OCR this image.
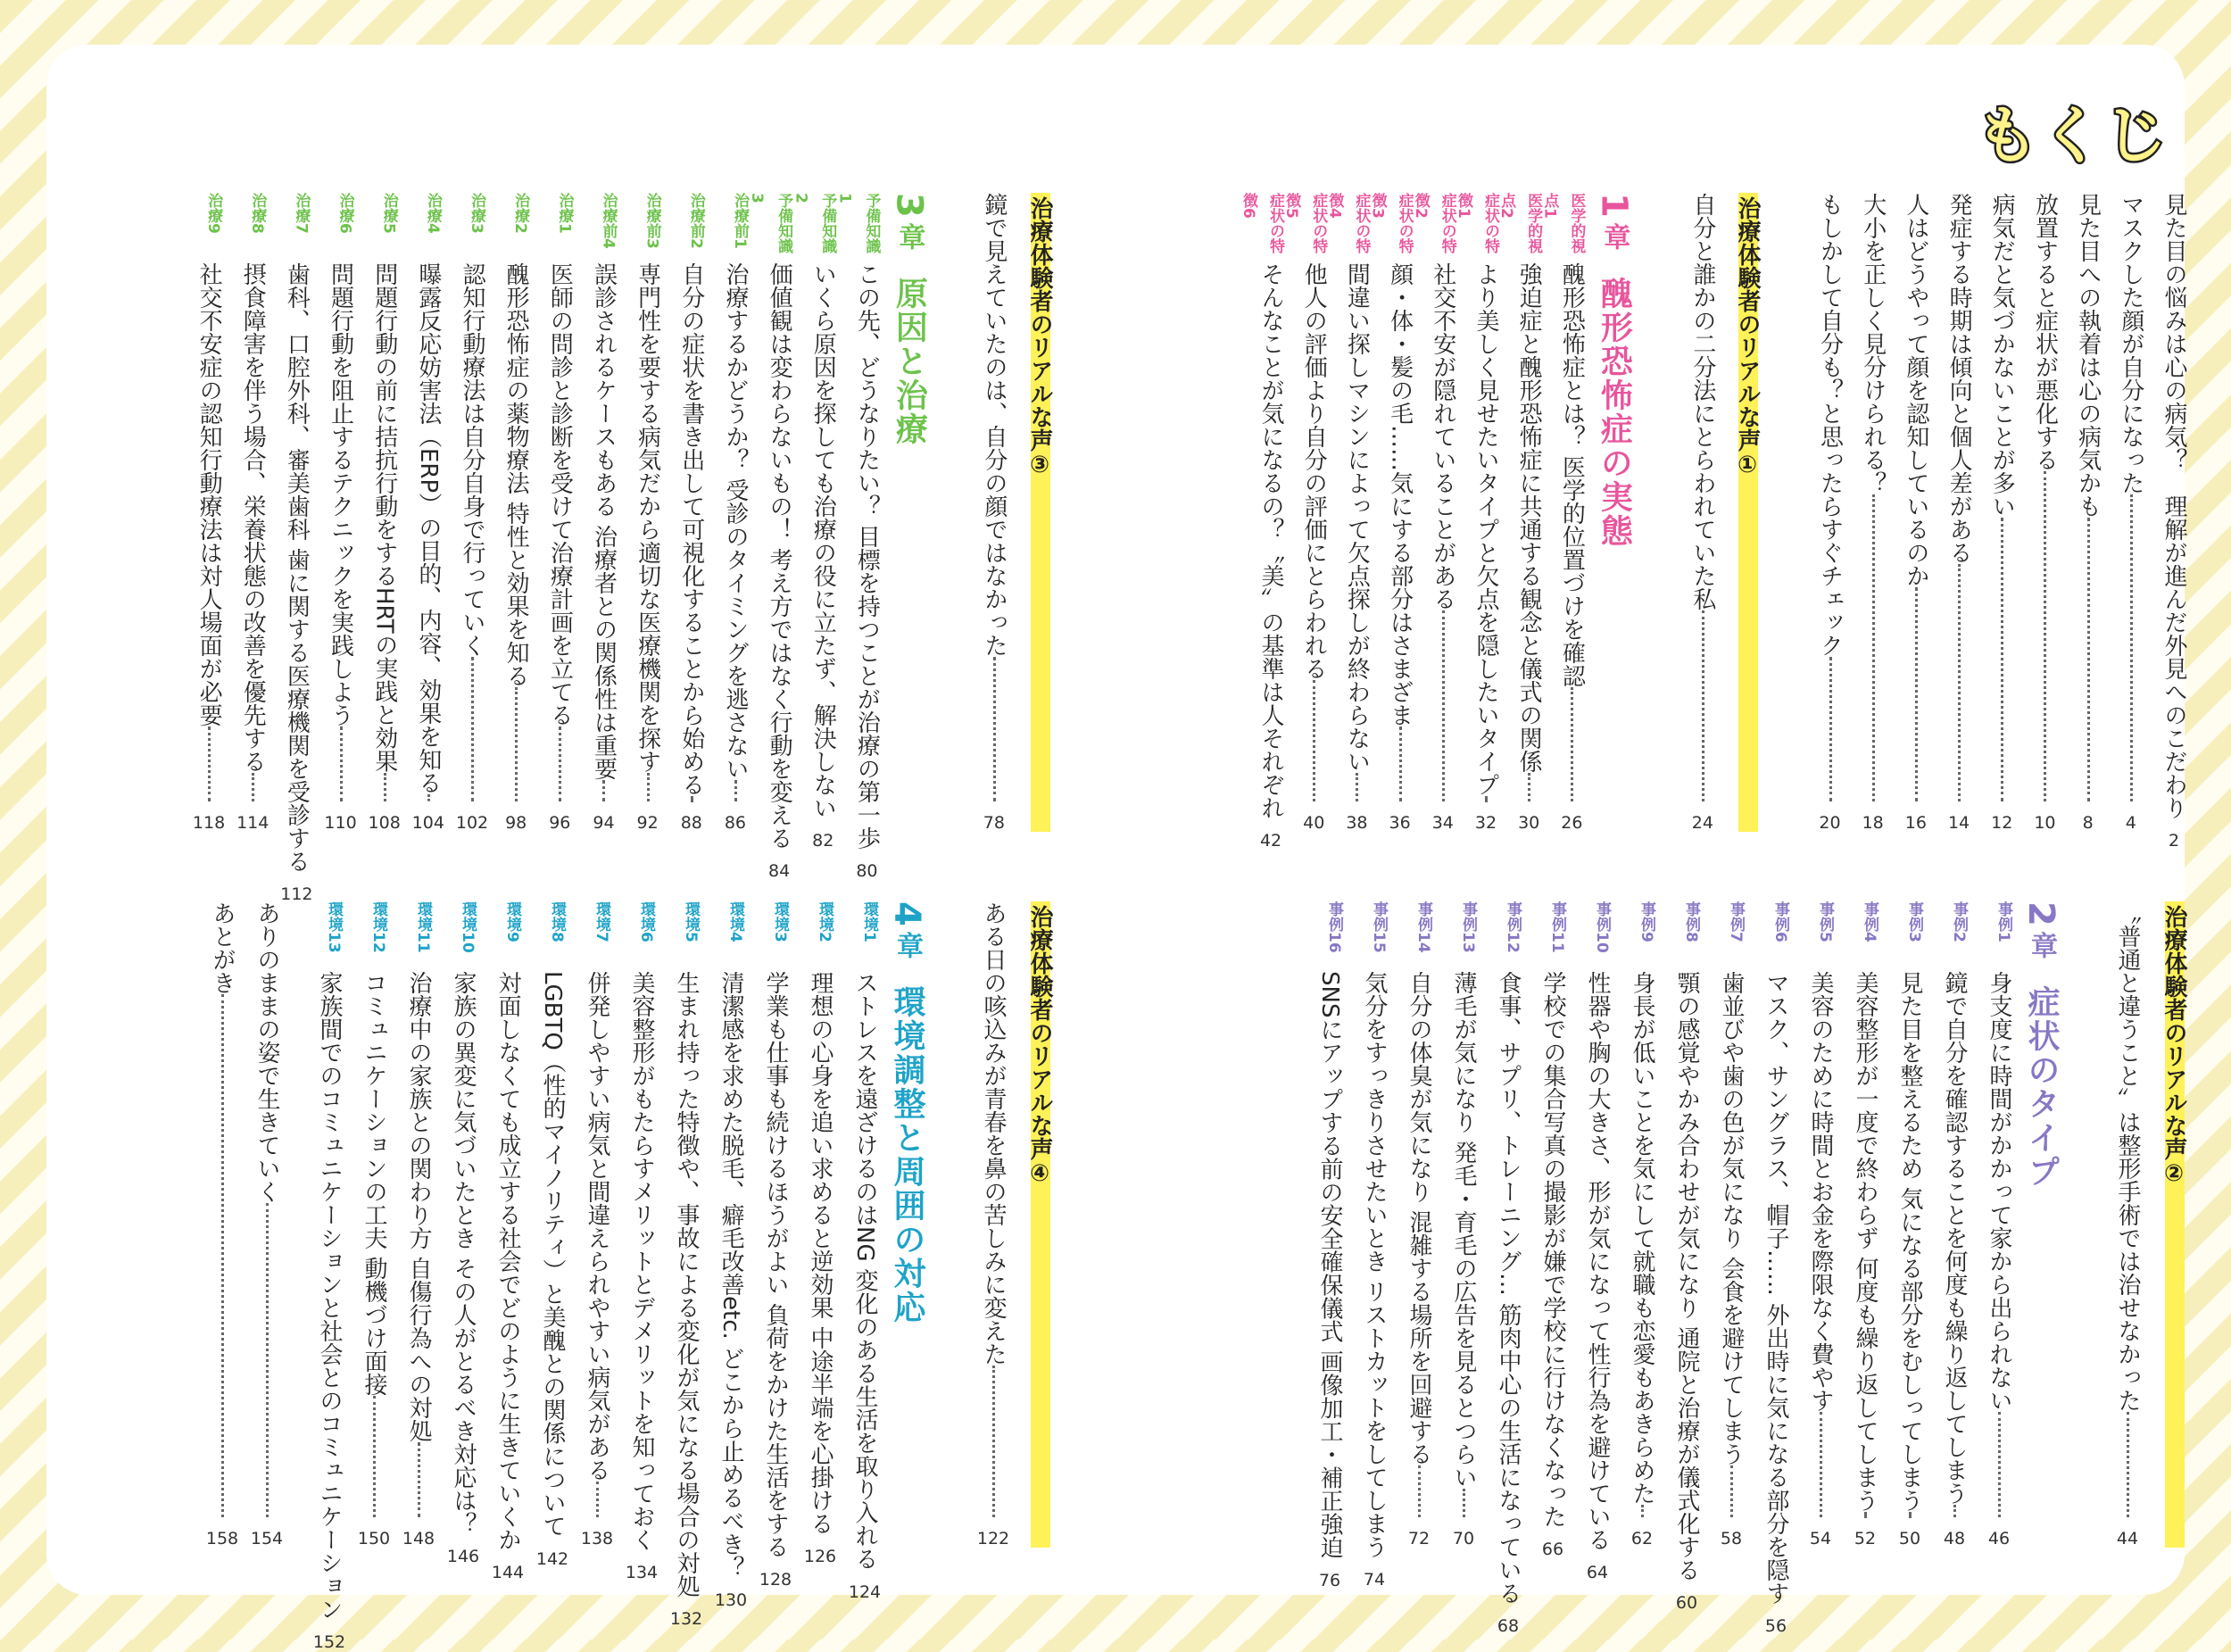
もくじ
見た目の悩みは心の病気？　理解が進んだ外見へのこだわり
2
マスクした顔が自分になった
4
見た目への執着は心の病気かも
8
放置すると症状が悪化する
10
病気だと気づかないことが多い
12
発症する時期は傾向と個人差がある
14
人はどうやって顔を認知しているのか
16
大小を正しく見分けられる？
18
もしかして自分も？と思ったらすぐチェック
20
治療体験者のリアルな声①
自分と誰かの二分法にとらわれていた私
24
1
章
醜形恐怖症の実態
医学的視点1
醜形恐怖症とは？ 医学的位置づけを確認
26
医学的視点2
強迫症と醜形恐怖症に共通する観念と儀式の関係
30
症状の特徴1
より美しく見せたいタイプと欠点を隠したいタイプ
32
症状の特徴2
社交不安が隠れていることがある
34
症状の特徴3
顔・体・髪の毛……気にする部分はさまざま
36
症状の特徴4
間違い探しマシンによって欠点探しが終わらない
38
症状の特徴5
他人の評価より自分の評価にとらわれる
40
症状の特徴6
そんなことが気になるの？〝美〟の基準は人それぞれ
42
治療体験者のリアルな声③
鏡で見えていたのは、自分の顔ではなかった
78
3
章
原因と治療
予備知識1
この先、どうなりたい？ 目標を持つことが治療の第一歩
80
予備知識2
いくら原因を探しても治療の役に立たず、解決しない
82
予備知識3
価値観は変わらないもの！ 考え方ではなく行動を変える
84
治療前1
治療するかどうか？ 受診のタイミングを逃さない
86
治療前2
自分の症状を書き出して可視化することから始める
88
治療前3
専門性を要する病気だから適切な医療機関を探す
92
治療前4
誤診されるケースもある 治療者との関係性は重要
94
治療1
医師の問診と診断を受けて治療計画を立てる
96
治療2
醜形恐怖症の薬物療法 特性と効果を知る
98
治療3
認知行動療法は自分自身で行っていく
102
治療4
曝露反応妨害法（ERP）の目的、内容、効果を知る
104
治療5
問題行動の前に拮抗行動をするHRTの実践と効果
108
治療6
問題行動を阻止するテクニックを実践しよう
110
治療7
歯科、口腔外科、審美歯科 歯に関する医療機関を受診する
112
治療8
摂食障害を伴う場合、栄養状態の改善を優先する
114
治療9
社交不安症の認知行動療法は対人場面が必要
118
治療体験者のリアルな声②
〝普通と違うこと〟は整形手術では治せなかった
44
2
章
症状のタイプ
事例1
身支度に時間がかかって家から出られない
46
事例2
鏡で自分を確認することを何度も繰り返してしまう
48
事例3
見た目を整えるため 気になる部分をむしってしまう
50
事例4
美容整形が一度で終わらず 何度も繰り返してしまう
52
事例5
美容のために時間とお金を際限なく費やす
54
事例6
マスク、サングラス、帽子…… 外出時に気になる部分を隠す
56
事例7
歯並びや歯の色が気になり 会食を避けてしまう
58
事例8
顎の感覚やかみ合わせが気になり 通院と治療が儀式化する
60
事例9
身長が低いことを気にして就職も恋愛もあきらめた
62
事例10
性器や胸の大きさ、形が気になって性行為を避けている
64
事例11
学校での集合写真の撮影が嫌で学校に行けなくなった
66
事例12
食事、サプリ、トレーニング… 筋肉中心の生活になっている
68
事例13
薄毛が気になり 発毛・育毛の広告を見るとつらい
70
事例14
自分の体臭が気になり 混雑する場所を回避する
72
事例15
気分をすっきりさせたいとき リストカットをしてしまう
74
事例16
SNSにアップする前の安全確保儀式 画像加工・補正強迫
76
治療体験者のリアルな声④
ある日の咳込みが青春を鼻の苦しみに変えた
122
4
章
環境調整と周囲の対応
環境1
ストレスを遠ざけるのはNG 変化のある生活を取り入れる
124
環境2
理想の心身を追い求めると逆効果 中途半端を心掛ける
126
環境3
学業も仕事も続けるほうがよい 負荷をかけた生活をする
128
環境4
清潔感を求めた脱毛、癖毛改善etc. どこから止めるべき？
130
環境5
生まれ持った特徴や、事故による変化が気になる場合の対処
132
環境6
美容整形がもたらすメリットとデメリットを知っておく
134
環境7
併発しやすい病気と間違えられやすい病気がある
138
環境8
LGBTQ（性的マイノリティ）と美醜との関係について
142
環境9
対面しなくても成立する社会でどのように生きていくか
144
環境10
家族の異変に気づいたとき その人がとるべき対応は？
146
環境11
治療中の家族との関わり方 自傷行為への対処
148
環境12
コミュニケーションの工夫 動機づけ面接
150
環境13
家族間でのコミュニケーションと社会とのコミュニケーション
152
ありのままの姿で生きていく
154
あとがき
158
